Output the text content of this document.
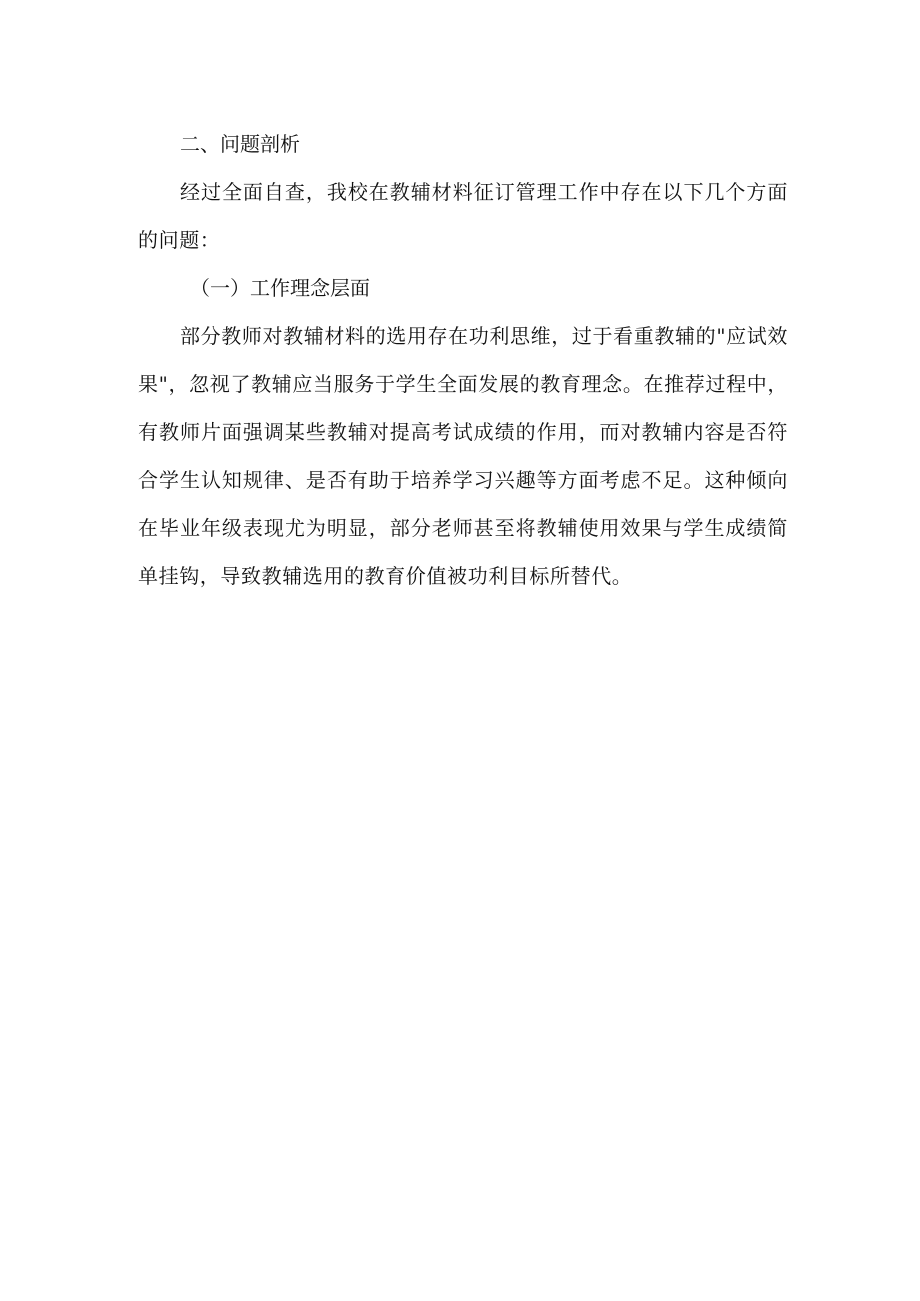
二、问题剖析

经过全面自查，我校在教辅材料征订管理工作中存在以下几个方面的问题：

（一）工作理念层面

部分教师对教辅材料的选用存在功利思维，过于看重教辅的"应试效果"，忽视了教辅应当服务于学生全面发展的教育理念。在推荐过程中，有教师片面强调某些教辅对提高考试成绩的作用，而对教辅内容是否符合学生认知规律、是否有助于培养学习兴趣等方面考虑不足。这种倾向在毕业年级表现尤为明显，部分老师甚至将教辅使用效果与学生成绩简单挂钩，导致教辅选用的教育价值被功利目标所替代。
